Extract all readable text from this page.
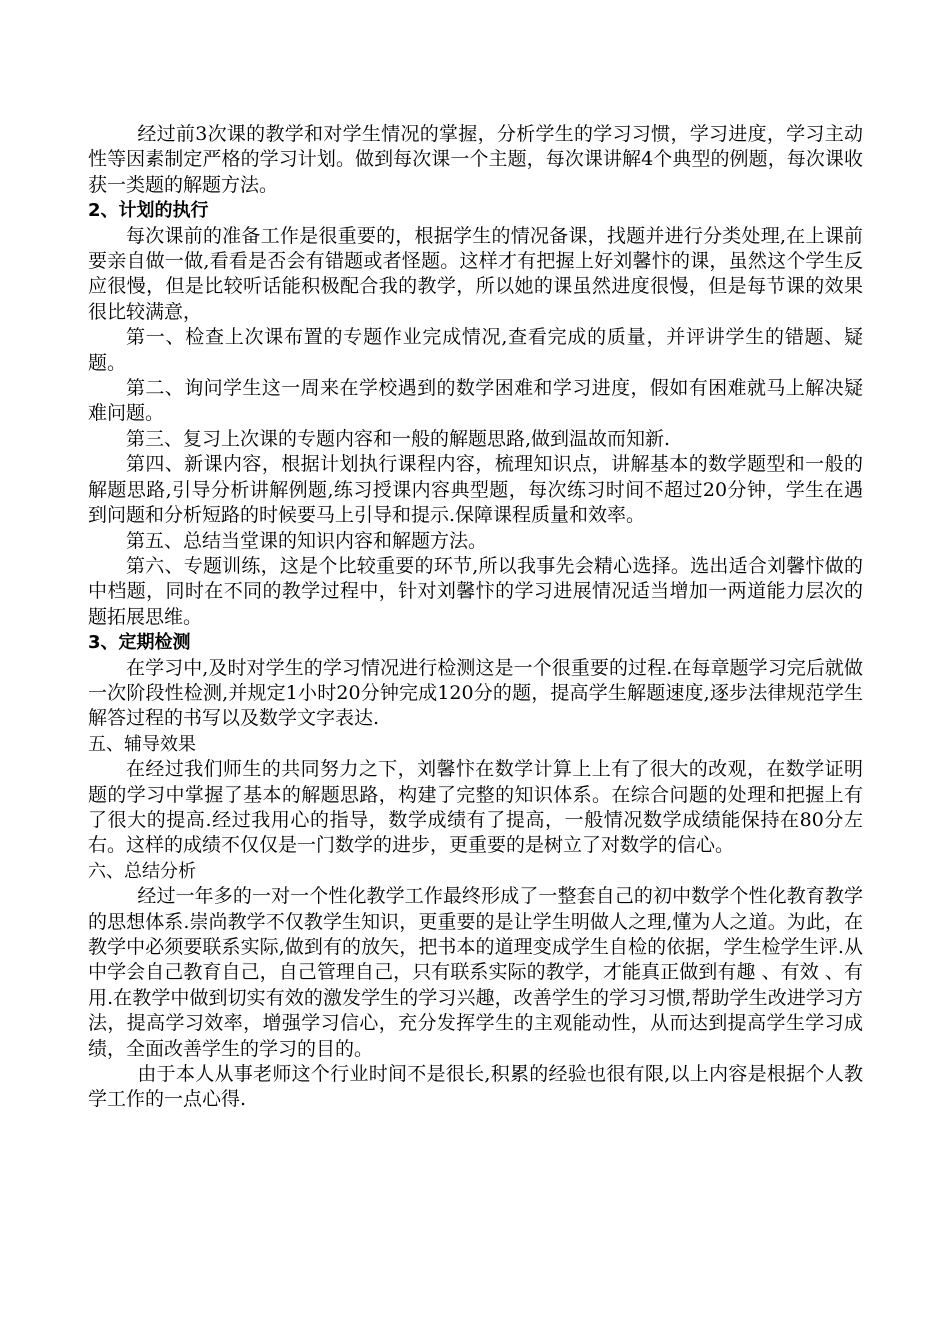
经过前3次课的教学和对学生情况的掌握，分析学生的学习习惯，学习进度，学习主动性等因素制定严格的学习计划。做到每次课一个主题，每次课讲解4个典型的例题，每次课收获一类题的解题方法。

2、计划的执行

每次课前的准备工作是很重要的，根据学生的情况备课，找题并进行分类处理,在上课前要亲自做一做,看看是否会有错题或者怪题。这样才有把握上好刘馨忭的课，虽然这个学生反应很慢，但是比较听话能积极配合我的教学，所以她的课虽然进度很慢，但是每节课的效果很比较满意，

第一、检查上次课布置的专题作业完成情况,查看完成的质量，并评讲学生的错题、疑题。

第二、询问学生这一周来在学校遇到的数学困难和学习进度，假如有困难就马上解决疑难问题。

第三、复习上次课的专题内容和一般的解题思路,做到温故而知新.

第四、新课内容，根据计划执行课程内容，梳理知识点，讲解基本的数学题型和一般的解题思路,引导分析讲解例题,练习授课内容典型题，每次练习时间不超过20分钟，学生在遇到问题和分析短路的时候要马上引导和提示.保障课程质量和效率。

第五、总结当堂课的知识内容和解题方法。

第六、专题训练，这是个比较重要的环节,所以我事先会精心选择。选出适合刘馨忭做的中档题，同时在不同的教学过程中，针对刘馨忭的学习进展情况适当增加一两道能力层次的题拓展思维。

3、定期检测

在学习中,及时对学生的学习情况进行检测这是一个很重要的过程.在每章题学习完后就做一次阶段性检测,并规定1小时20分钟完成120分的题，提高学生解题速度,逐步法律规范学生解答过程的书写以及数学文字表达.

五、辅导效果

在经过我们师生的共同努力之下，刘馨忭在数学计算上上有了很大的改观，在数学证明题的学习中掌握了基本的解题思路，构建了完整的知识体系。在综合问题的处理和把握上有了很大的提高.经过我用心的指导，数学成绩有了提高，一般情况数学成绩能保持在80分左右。这样的成绩不仅仅是一门数学的进步，更重要的是树立了对数学的信心。

六、总结分析

经过一年多的一对一个性化教学工作最终形成了一整套自己的初中数学个性化教育教学的思想体系.崇尚教学不仅教学生知识，更重要的是让学生明做人之理,懂为人之道。为此，在教学中必须要联系实际,做到有的放矢，把书本的道理变成学生自检的依据，学生检学生评.从中学会自己教育自己，自己管理自己，只有联系实际的教学，才能真正做到有趣 、有效 、有用.在教学中做到切实有效的激发学生的学习兴趣，改善学生的学习习惯,帮助学生改进学习方法，提高学习效率，增强学习信心，充分发挥学生的主观能动性，从而达到提高学生学习成绩，全面改善学生的学习的目的。

由于本人从事老师这个行业时间不是很长,积累的经验也很有限,以上内容是根据个人教学工作的一点心得.
